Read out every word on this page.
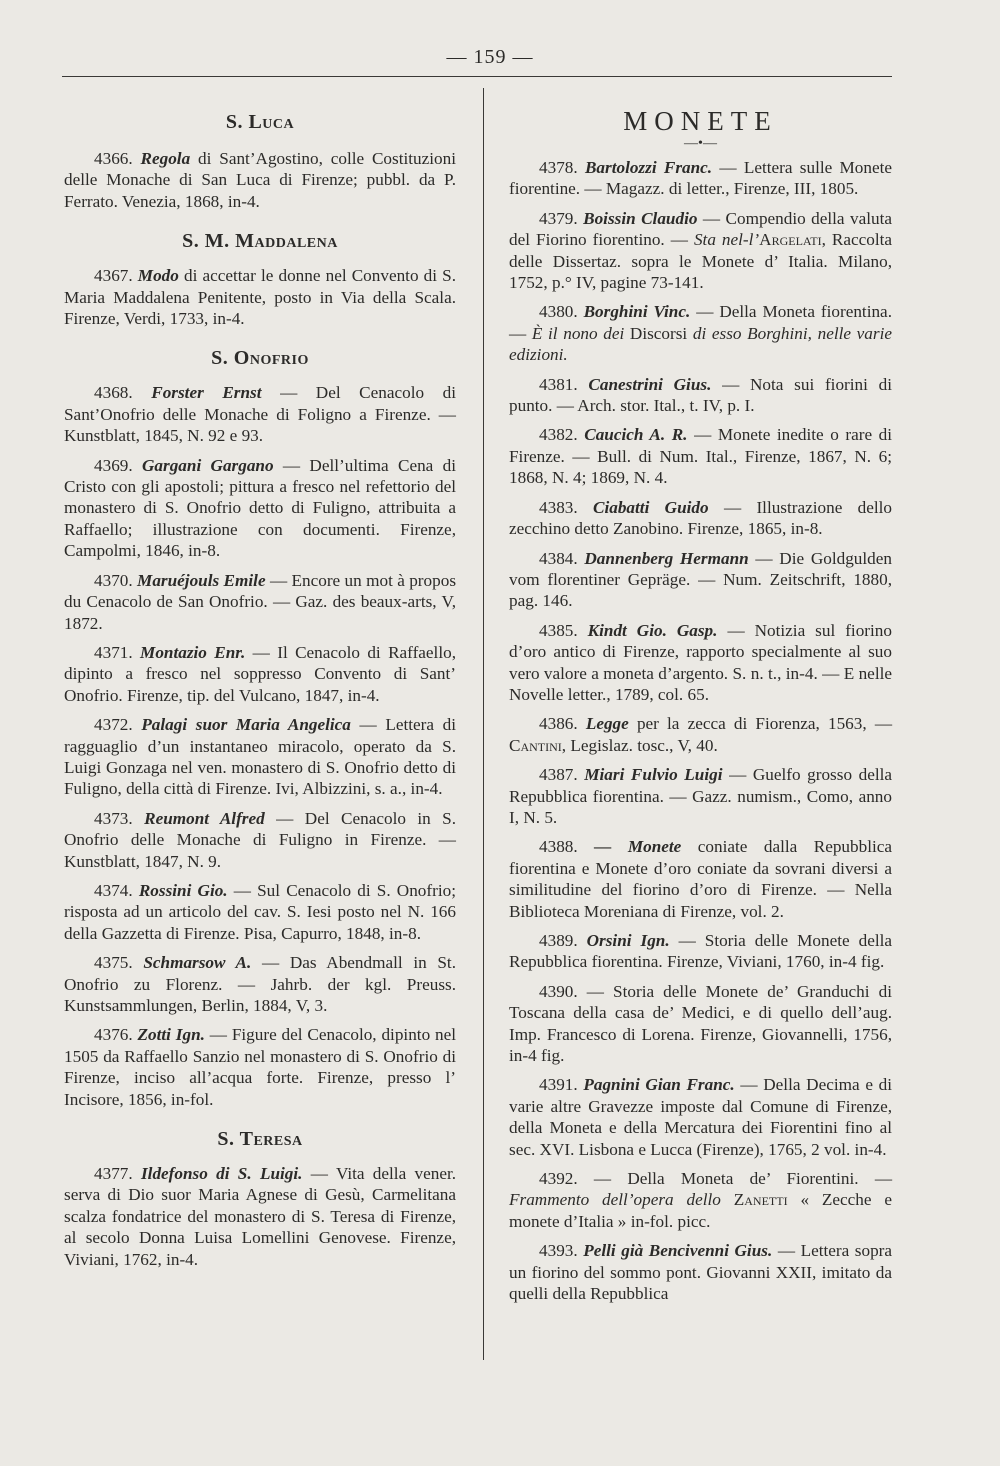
— 159 —
S. Luca

4366. Regola di Sant’Agostino, colle Costituzioni delle Monache di San Luca di Firenze; pubbl. da P. Ferrato. Venezia, 1868, in-4.

S. M. Maddalena

4367. Modo di accettar le donne nel Convento di S. Maria Maddalena Penitente, posto in Via della Scala. Firenze, Verdi, 1733, in-4.

S. Onofrio

4368. Forster Ernst — Del Cenacolo di Sant’Onofrio delle Monache di Foligno a Firenze. — Kunstblatt, 1845, N. 92 e 93.

4369. Gargani Gargano — Dell’ultima Cena di Cristo con gli apostoli; pittura a fresco nel refettorio del monastero di S. Onofrio detto di Fuligno, attribuita a Raffaello; illustrazione con documenti. Firenze, Campolmi, 1846, in-8.

4370. Maruéjouls Emile — Encore un mot à propos du Cenacolo de San Onofrio. — Gaz. des beaux-arts, V, 1872.

4371. Montazio Enr. — Il Cenacolo di Raffaello, dipinto a fresco nel soppresso Convento di Sant’ Onofrio. Firenze, tip. del Vulcano, 1847, in-4.

4372. Palagi suor Maria Angelica — Lettera di ragguaglio d’un instantaneo miracolo, operato da S. Luigi Gonzaga nel ven. monastero di S. Onofrio detto di Fuligno, della città di Firenze. Ivi, Albizzini, s. a., in-4.

4373. Reumont Alfred — Del Cenacolo in S. Onofrio delle Monache di Fuligno in Firenze. — Kunstblatt, 1847, N. 9.

4374. Rossini Gio. — Sul Cenacolo di S. Onofrio; risposta ad un articolo del cav. S. Iesi posto nel N. 166 della Gazzetta di Firenze. Pisa, Capurro, 1848, in-8.

4375. Schmarsow A. — Das Abendmall in St. Onofrio zu Florenz. — Jahrb. der kgl. Preuss. Kunstsammlungen, Berlin, 1884, V, 3.

4376. Zotti Ign. — Figure del Cenacolo, dipinto nel 1505 da Raffaello Sanzio nel monastero di S. Onofrio di Firenze, inciso all’acqua forte. Firenze, presso l’ Incisore, 1856, in-fol.

S. Teresa

4377. Ildefonso di S. Luigi. — Vita della vener. serva di Dio suor Maria Agnese di Gesù, Carmelitana scalza fondatrice del monastero di S. Teresa di Firenze, al secolo Donna Luisa Lomellini Genovese. Firenze, Viviani, 1762, in-4.

MONETE
—•—

4378. Bartolozzi Franc. — Lettera sulle Monete fiorentine. — Magazz. di letter., Firenze, III, 1805.

4379. Boissin Claudio — Compendio della valuta del Fiorino fiorentino. — Sta nel-l’Argelati, Raccolta delle Dissertaz. sopra le Monete d’ Italia. Milano, 1752, p.° IV, pagine 73-141.

4380. Borghini Vinc. — Della Moneta fiorentina. — È il nono dei Discorsi di esso Borghini, nelle varie edizioni.

4381. Canestrini Gius. — Nota sui fiorini di punto. — Arch. stor. Ital., t. IV, p. I.

4382. Caucich A. R. — Monete inedite o rare di Firenze. — Bull. di Num. Ital., Firenze, 1867, N. 6; 1868, N. 4; 1869, N. 4.

4383. Ciabatti Guido — Illustrazione dello zecchino detto Zanobino. Firenze, 1865, in-8.

4384. Dannenberg Hermann — Die Goldgulden vom florentiner Gepräge. — Num. Zeitschrift, 1880, pag. 146.

4385. Kindt Gio. Gasp. — Notizia sul fiorino d’oro antico di Firenze, rapporto specialmente al suo vero valore a moneta d’argento. S. n. t., in-4. — E nelle Novelle letter., 1789, col. 65.

4386. Legge per la zecca di Fiorenza, 1563, — Cantini, Legislaz. tosc., V, 40.

4387. Miari Fulvio Luigi — Guelfo grosso della Repubblica fiorentina. — Gazz. numism., Como, anno I, N. 5.

4388. — Monete coniate dalla Repubblica fiorentina e Monete d’oro coniate da sovrani diversi a similitudine del fiorino d’oro di Firenze. — Nella Biblioteca Moreniana di Firenze, vol. 2.

4389. Orsini Ign. — Storia delle Monete della Repubblica fiorentina. Firenze, Viviani, 1760, in-4 fig.

4390. — Storia delle Monete de’ Granduchi di Toscana della casa de’ Medici, e di quello dell’aug. Imp. Francesco di Lorena. Firenze, Giovannelli, 1756, in-4 fig.

4391. Pagnini Gian Franc. — Della Decima e di varie altre Gravezze imposte dal Comune di Firenze, della Moneta e della Mercatura dei Fiorentini fino al sec. XVI. Lisbona e Lucca (Firenze), 1765, 2 vol. in-4.

4392. — Della Moneta de’ Fiorentini. — Frammento dell’opera dello Zanetti « Zecche e monete d’Italia » in-fol. picc.

4393. Pelli già Bencivenni Gius. — Lettera sopra un fiorino del sommo pont. Giovanni XXII, imitato da quelli della Repubblica
